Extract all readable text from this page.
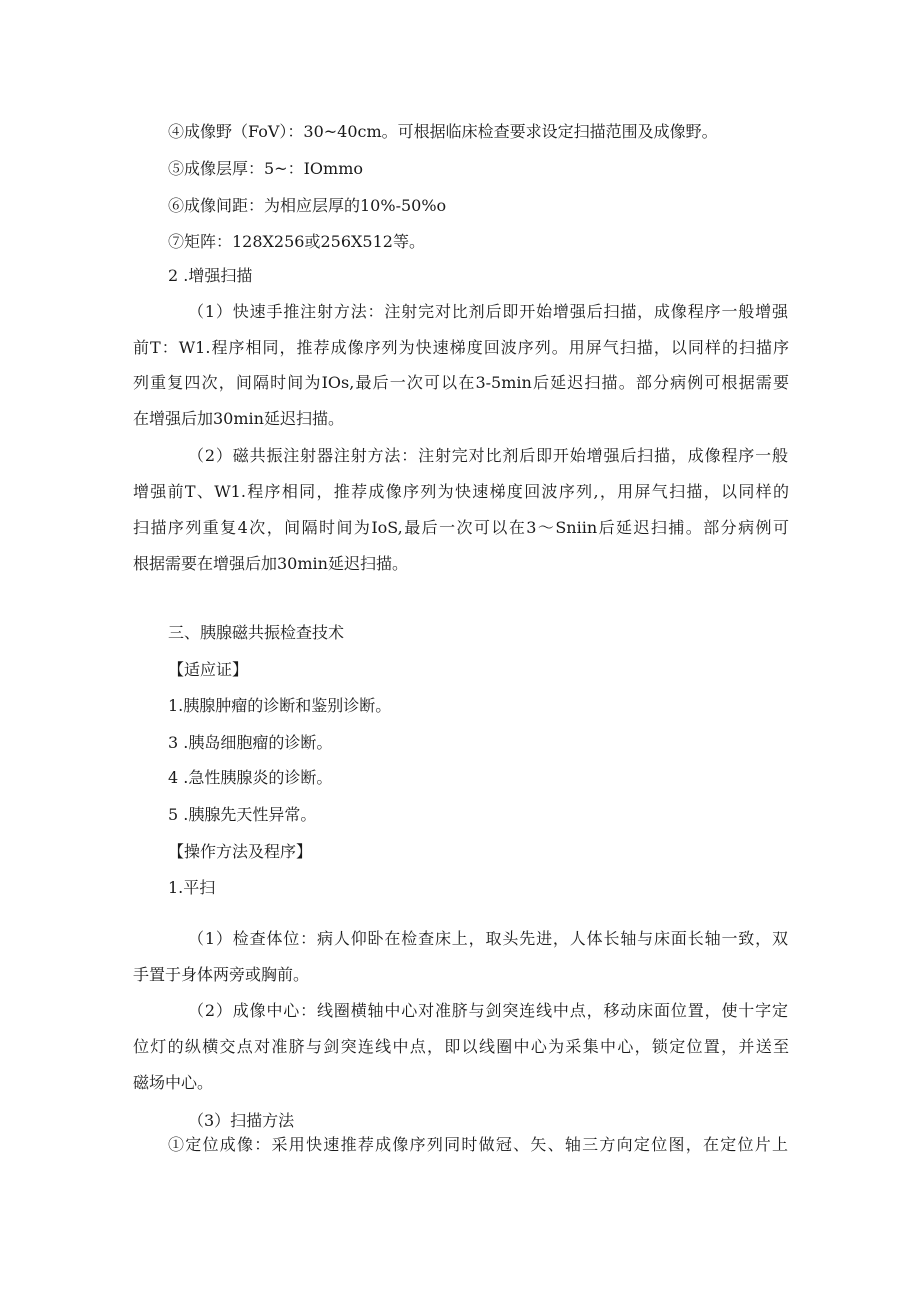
④成像野（FoV）：30~40cm。可根据临床检查要求设定扫描范围及成像野。
⑤成像层厚：5~：IOmmo
⑥成像间距：为相应层厚的10%-50%o
⑦矩阵：128X256或256X512等。
2 .增强扫描
（1）快速手推注射方法：注射完对比剂后即开始增强后扫描，成像程序一般增强
前T：W1.程序相同，推荐成像序列为快速梯度回波序列。用屏气扫描，以同样的扫描序
列重复四次，间隔时间为IOs,最后一次可以在3-5min后延迟扫描。部分病例可根据需要
在增强后加30min延迟扫描。
（2）磁共振注射器注射方法：注射完对比剂后即开始增强后扫描，成像程序一般
增强前T、W1.程序相同，推荐成像序列为快速梯度回波序列,，用屏气扫描，以同样的
扫描序列重复4次，间隔时间为IoS,最后一次可以在3～Sniin后延迟扫捕。部分病例可
根据需要在增强后加30min延迟扫描。
三、胰腺磁共振检查技术
【适应证】
1.胰腺肿瘤的诊断和鉴别诊断。
3 .胰岛细胞瘤的诊断。
4 .急性胰腺炎的诊断。
5 .胰腺先天性异常。
【操作方法及程序】
1.平扫
（1）检查体位：病人仰卧在检查床上，取头先进，人体长轴与床面长轴一致，双
手置于身体两旁或胸前。
（2）成像中心：线圈横轴中心对准脐与剑突连线中点，移动床面位置，使十字定
位灯的纵横交点对准脐与剑突连线中点，即以线圈中心为采集中心，锁定位置，并送至
磁场中心。
（3）扫描方法
①定位成像：采用快速推荐成像序列同时做冠、矢、轴三方向定位图，在定位片上
